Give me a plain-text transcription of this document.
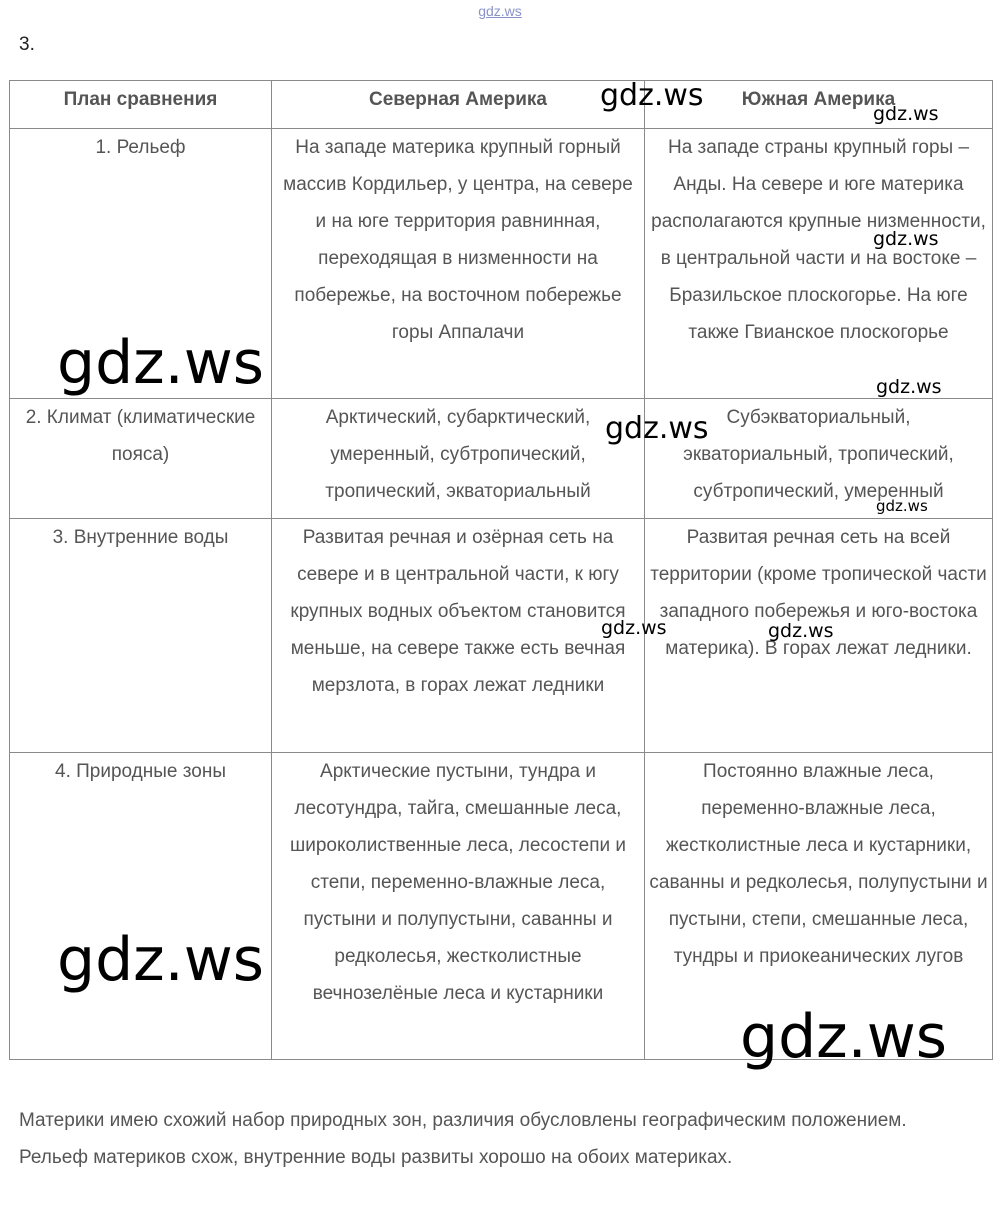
gdz.ws
3.
План сравнения	Северная Америка	Южная Америка
1. Рельеф	На западе материка крупный горный массив Кордильер, у центра, на севере и на юге территория равнинная, переходящая в низменности на побережье, на восточном побережье горы Аппалачи	На западе страны крупный горы – Анды. На севере и юге материка располагаются крупные низменности, в центральной части и на востоке – Бразильское плоскогорье. На юге также Гвианское плоскогорье
2. Климат (климатические пояса)	Арктический, субарктический, умеренный, субтропический, тропический, экваториальный	Субэкваториальный, экваториальный, тропический, субтропический, умеренный
3. Внутренние воды	Развитая речная и озёрная сеть на севере и в центральной части, к югу крупных водных объектом становится меньше, на севере также есть вечная мерзлота, в горах лежат ледники	Развитая речная сеть на всей территории (кроме тропической части западного побережья и юго-востока материка). В горах лежат ледники.
4. Природные зоны	Арктические пустыни, тундра и лесотундра, тайга, смешанные леса, широколиственные леса, лесостепи и степи, переменно-влажные леса, пустыни и полупустыни, саванны и редколесья, жестколистные вечнозелёные леса и кустарники	Постоянно влажные леса, переменно-влажные леса, жестколистные леса и кустарники, саванны и редколесья, полупустыни и пустыни, степи, смешанные леса, тундры и приокеанических лугов
Материки имею схожий набор природных зон, различия обусловлены географическим положением. Рельеф материков схож, внутренние воды развиты хорошо на обоих материках.
gdz.ws
gdz.ws
gdz.ws
gdz.ws	gdz.ws
gdz.ws
gdz.ws
gdz.ws	gdz.ws
gdz.ws
gdz.ws
